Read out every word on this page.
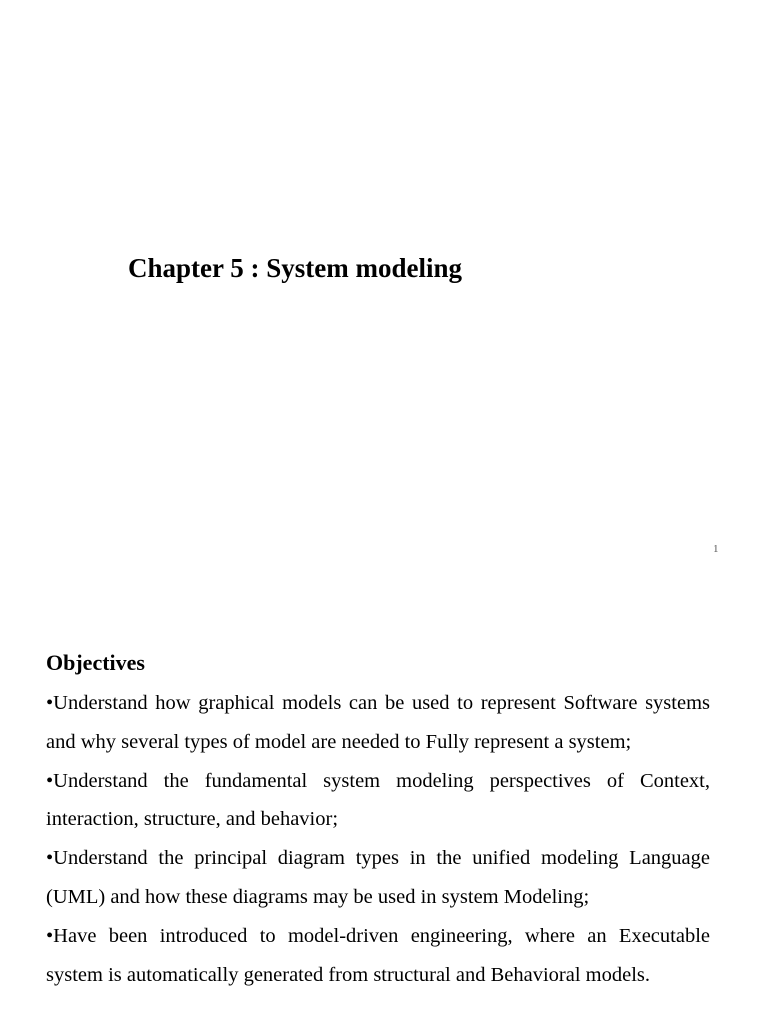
Chapter 5 : System modeling
1
Objectives
•Understand how graphical models can be used to represent Software systems and why several types of model are needed to Fully represent a system;
•Understand the fundamental system modeling perspectives of Context, interaction, structure, and behavior;
•Understand the principal diagram types in the unified modeling Language (UML) and how these diagrams may be used in system Modeling;
•Have been introduced to model-driven engineering, where an Executable system is automatically generated from structural and Behavioral models.
